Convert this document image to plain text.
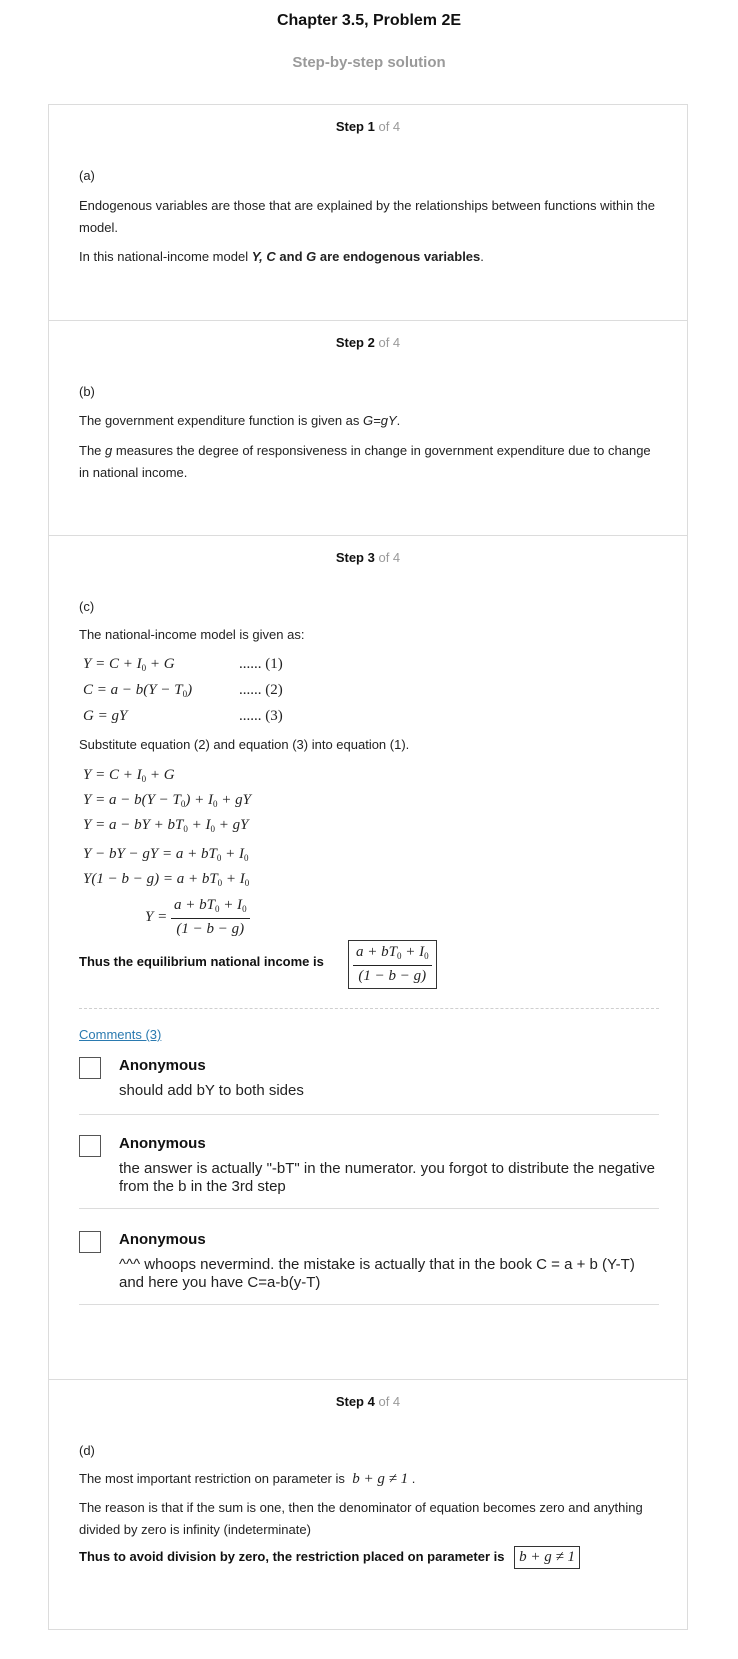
Chapter 3.5, Problem 2E
Step-by-step solution
Step 1 of 4
(a)
Endogenous variables are those that are explained by the relationships between functions within the model.
In this national-income model Y, C and G are endogenous variables.
Step 2 of 4
(b)
The government expenditure function is given as G=gY.
The g measures the degree of responsiveness in change in government expenditure due to change in national income.
Step 3 of 4
(c)
The national-income model is given as:
$Y = C + I_0 + G$	...... (1)
$C = a - b(Y - T_0)$	...... (2)
G = gY	...... (3)
Substitute equation (2) and equation (3) into equation (1).
$Y = C + I_0 + G$
$Y = a - b(Y - T_0) + I_0$ + gY
Y = a − bY + $bT_0 + I_0$ + gY
Y − bY − gY = $a + bT_0 + I_0$
$Y(1 - b - g) = a + bT_0 + I_0$
$Y = \frac{a + bT_0 + I_0}{(1 - b - g)}$
Thus the equilibrium national income is $\frac{a + bT_0 + I_0}{(1 - b - g)}$
Comments (3)
Anonymous
should add bY to both sides
Anonymous
the answer is actually "-bT" in the numerator. you forgot to distribute the negative from the b in the 3rd step
Anonymous
^^^ whoops nevermind. the mistake is actually that in the book C = a + b (Y-T) and here you have C=a-b(y-T)
Step 4 of 4
(d)
The most important restriction on parameter is  b + g ≠ 1 .
The reason is that if the sum is one, then the denominator of equation becomes zero and anything divided by zero is infinity (indeterminate)
Thus to avoid division by zero, the restriction placed on parameter is b + g ≠ 1
